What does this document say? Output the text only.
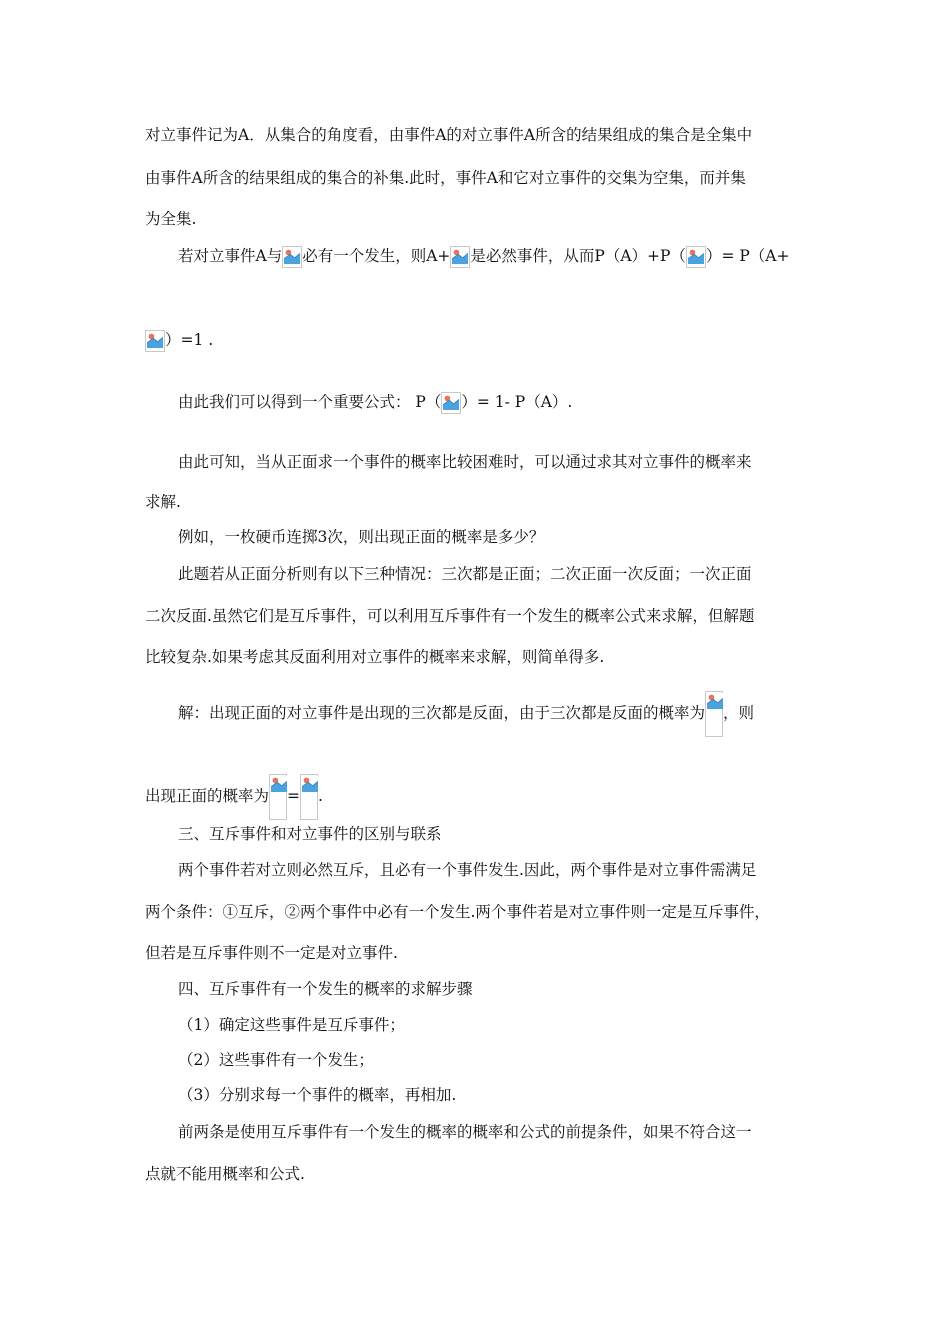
对立事件记为A．从集合的角度看，由事件A的对立事件A所含的结果组成的集合是全集中
由事件A所含的结果组成的集合的补集.此时，事件A和它对立事件的交集为空集，而并集
为全集.
若对立事件A与 必有一个发生，则A+ 是必然事件，从而P（A）+P（ ）= P（A+
）=1 .
由此我们可以得到一个重要公式： P（ ）= 1- P（A）.
由此可知，当从正面求一个事件的概率比较困难时，可以通过求其对立事件的概率来
求解.
例如，一枚硬币连掷3次，则出现正面的概率是多少？
此题若从正面分析则有以下三种情况：三次都是正面；二次正面一次反面；一次正面
二次反面.虽然它们是互斥事件，可以利用互斥事件有一个发生的概率公式来求解，但解题
比较复杂.如果考虑其反面利用对立事件的概率来求解，则简单得多.
解：出现正面的对立事件是出现的三次都是反面，由于三次都是反面的概率为 ，则
出现正面的概率为 = .
三、互斥事件和对立事件的区别与联系
两个事件若对立则必然互斥，且必有一个事件发生.因此，两个事件是对立事件需满足
两个条件：①互斥，②两个事件中必有一个发生.两个事件若是对立事件则一定是互斥事件，
但若是互斥事件则不一定是对立事件.
四、互斥事件有一个发生的概率的求解步骤
（1）确定这些事件是互斥事件；
（2）这些事件有一个发生；
（3）分别求每一个事件的概率，再相加.
前两条是使用互斥事件有一个发生的概率的概率和公式的前提条件，如果不符合这一
点就不能用概率和公式.
